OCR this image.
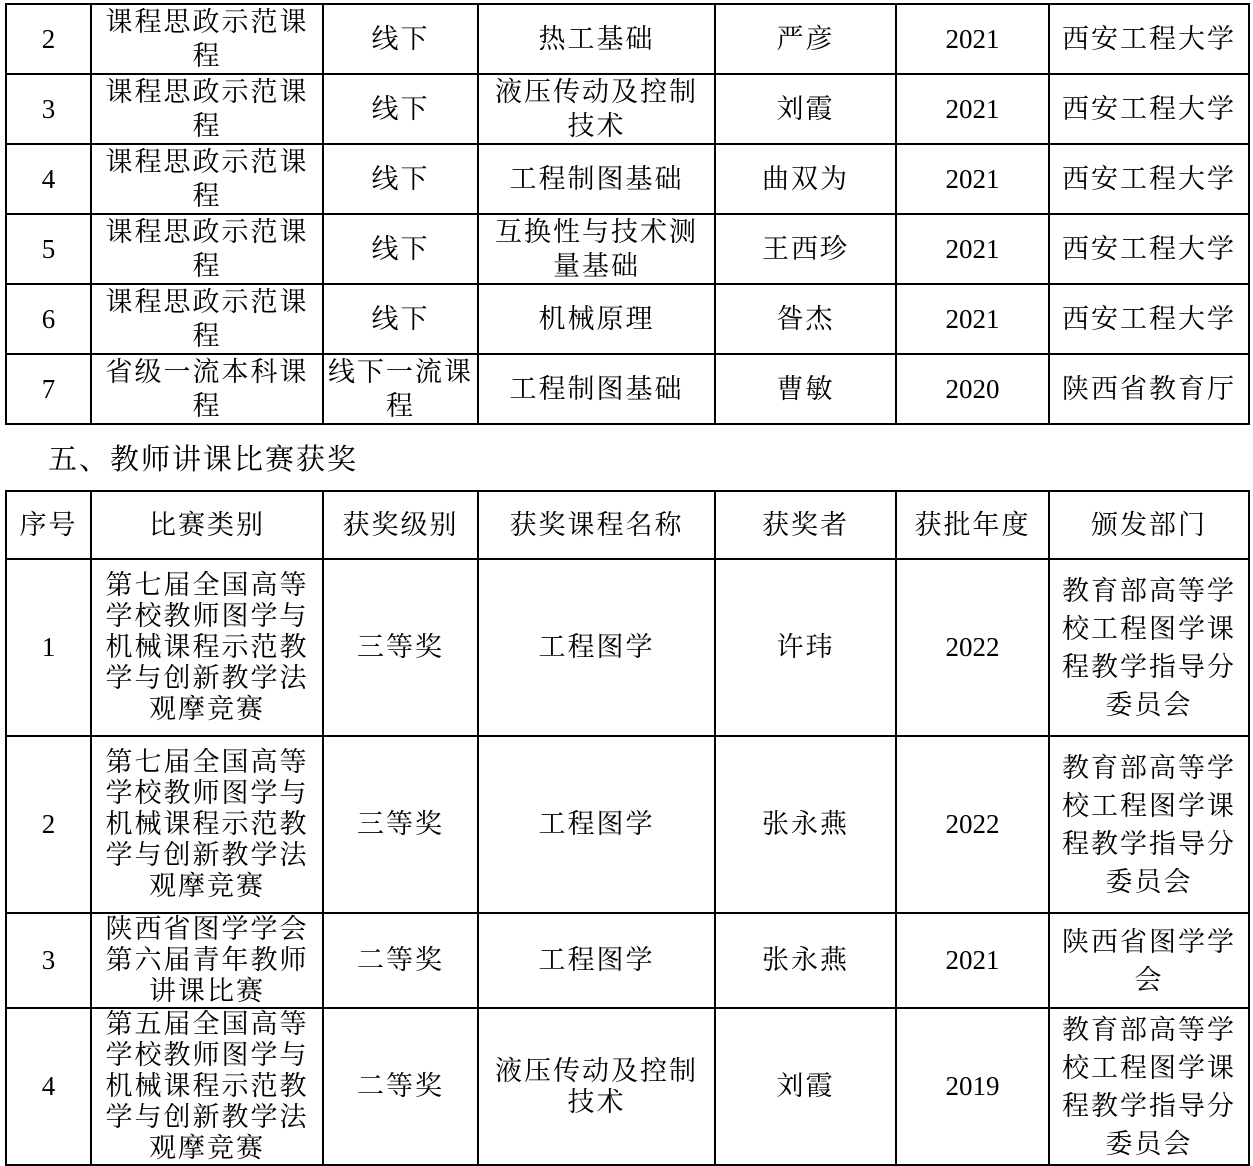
2	课程思政示范课程	线下	热工基础	严彦	2021	西安工程大学
3	课程思政示范课程	线下	液压传动及控制技术	刘霞	2021	西安工程大学
4	课程思政示范课程	线下	工程制图基础	曲双为	2021	西安工程大学
5	课程思政示范课程	线下	互换性与技术测量基础	王西珍	2021	西安工程大学
6	课程思政示范课程	线下	机械原理	昝杰	2021	西安工程大学
7	省级一流本科课程	线下一流课程	工程制图基础	曹敏	2020	陕西省教育厅
五、教师讲课比赛获奖
序号	比赛类别	获奖级别	获奖课程名称	获奖者	获批年度	颁发部门
1	第七届全国高等学校教师图学与机械课程示范教学与创新教学法观摩竞赛	三等奖	工程图学	许玮	2022	教育部高等学校工程图学课程教学指导分委员会
2	第七届全国高等学校教师图学与机械课程示范教学与创新教学法观摩竞赛	三等奖	工程图学	张永燕	2022	教育部高等学校工程图学课程教学指导分委员会
3	陕西省图学学会第六届青年教师讲课比赛	二等奖	工程图学	张永燕	2021	陕西省图学学会
4	第五届全国高等学校教师图学与机械课程示范教学与创新教学法观摩竞赛	二等奖	液压传动及控制技术	刘霞	2019	教育部高等学校工程图学课程教学指导分委员会
